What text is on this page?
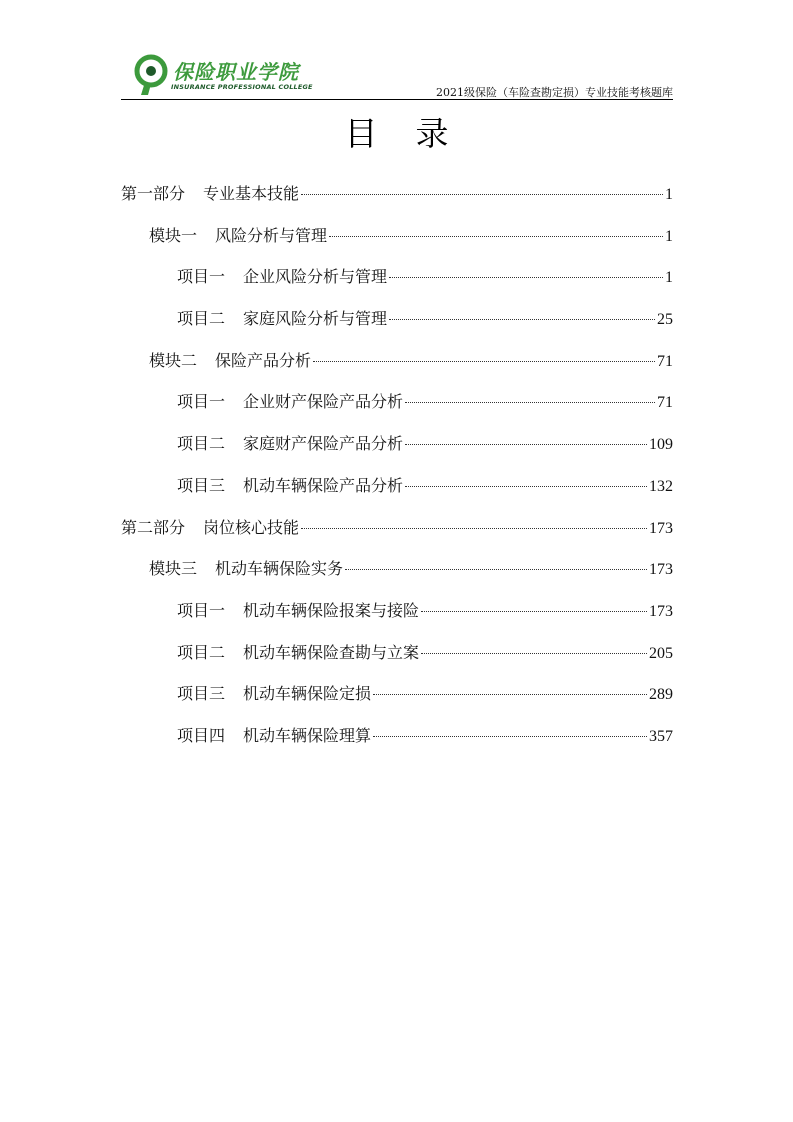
保险职业学院
INSURANCE PROFESSIONAL COLLEGE	2021级保险（车险查勘定损）专业技能考核题库
目录
第一部分 专业基本技能	1
模块一 风险分析与管理	1
项目一 企业风险分析与管理	1
项目二 家庭风险分析与管理	25
模块二 保险产品分析	71
项目一 企业财产保险产品分析	71
项目二 家庭财产保险产品分析	109
项目三 机动车辆保险产品分析	132
第二部分 岗位核心技能	173
模块三 机动车辆保险实务	173
项目一 机动车辆保险报案与接险	173
项目二 机动车辆保险查勘与立案	205
项目三 机动车辆保险定损	289
项目四 机动车辆保险理算	357
